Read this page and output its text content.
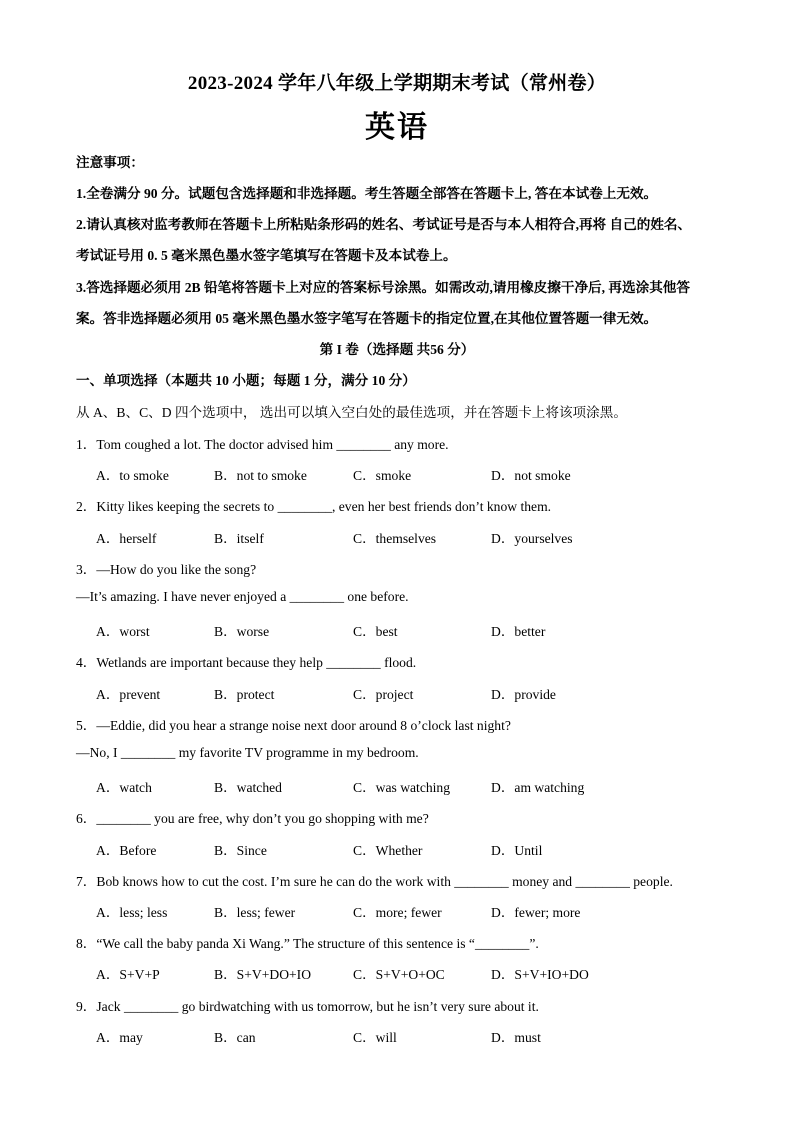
2023-2024 学年八年级上学期期末考试（常州卷）
英语
注意事项：
1.全卷满分 90 分。试题包含选择题和非选择题。考生答题全部答在答题卡上, 答在本试卷上无效。
2.请认真核对监考教师在答题卡上所粘贴条形码的姓名、考试证号是否与本人相符合,再将 自己的姓名、
考试证号用 0. 5 毫米黑色墨水签字笔填写在答题卡及本试卷上。
3.答选择题必须用 2B 铅笔将答题卡上对应的答案标号涂黑。如需改动,请用橡皮擦干净后, 再选涂其他答
案。答非选择题必须用 05 毫米黑色墨水签字笔写在答题卡的指定位置,在其他位置答题一律无效。
第 I 卷（选择题 共56 分）
一、单项选择（本题共 10 小题；每题 1 分，满分 10 分）
从 A、B、C、D 四个选项中， 选出可以填入空白处的最佳选项，并在答题卡上将该项涂黑。
1．Tom coughed a lot. The doctor advised him ________ any more.
A．to smoke	B．not to smoke	C．smoke	D．not smoke
2．Kitty likes keeping the secrets to ________, even her best friends don’t know them.
A．herself	B．itself	C．themselves	D．yourselves
3．—How do you like the song?
—It’s amazing. I have never enjoyed a ________ one before.
A．worst	B．worse	C．best	D．better
4．Wetlands are important because they help ________ flood.
A．prevent	B．protect	C．project	D．provide
5．—Eddie, did you hear a strange noise next door around 8 o’clock last night?
—No, I ________ my favorite TV programme in my bedroom.
A．watch	B．watched	C．was watching	D．am watching
6．________ you are free, why don’t you go shopping with me?
A．Before	B．Since	C．Whether	D．Until
7．Bob knows how to cut the cost. I’m sure he can do the work with ________ money and ________ people.
A．less; less	B．less; fewer	C．more; fewer	D．fewer; more
8．“We call the baby panda Xi Wang.” The structure of this sentence is “________”.
A．S+V+P	B．S+V+DO+IO	C．S+V+O+OC	D．S+V+IO+DO
9．Jack ________ go birdwatching with us tomorrow, but he isn’t very sure about it.
A．may	B．can	C．will	D．must
